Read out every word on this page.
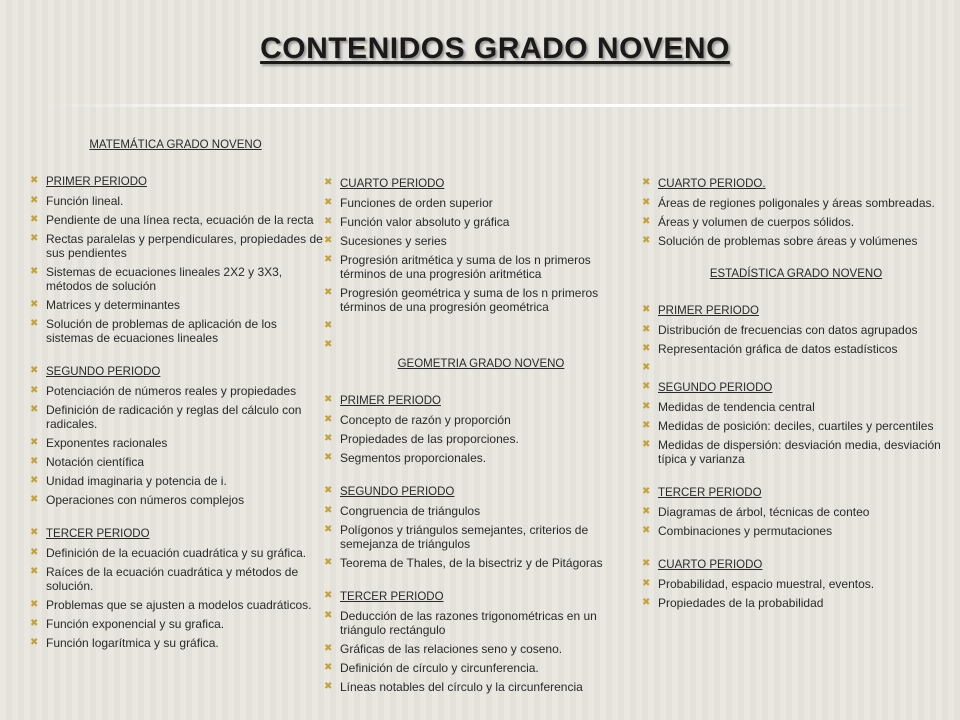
CONTENIDOS GRADO NOVENO
MATEMÁTICA GRADO NOVENO
✖ PRIMER PERIODO
✖ Función lineal.
✖ Pendiente de una línea recta, ecuación de la recta
✖ Rectas paralelas y perpendiculares, propiedades de sus pendientes
✖ Sistemas de ecuaciones lineales 2X2 y 3X3, métodos de solución
✖ Matrices y determinantes
✖ Solución de problemas de aplicación de los sistemas de ecuaciones lineales
✖ SEGUNDO PERIODO
✖ Potenciación de números reales y propiedades
✖ Definición de radicación y reglas del cálculo con radicales.
✖ Exponentes racionales
✖ Notación científica
✖ Unidad imaginaria y potencia de i.
✖ Operaciones con números complejos
✖ TERCER PERIODO
✖ Definición de la ecuación cuadrática y su gráfica.
✖ Raíces de la ecuación cuadrática y métodos de solución.
✖ Problemas que se ajusten a modelos cuadráticos.
✖ Función exponencial y su grafica.
✖ Función logarítmica y su gráfica.
✖ CUARTO PERIODO
✖ Funciones de orden superior
✖ Función valor absoluto y gráfica
✖ Sucesiones y series
✖ Progresión aritmética y suma de los n primeros términos de una progresión aritmética
✖ Progresión geométrica y suma de los n primeros términos de una progresión geométrica
✖
✖
GEOMETRIA GRADO NOVENO
✖ PRIMER PERIODO
✖ Concepto de razón y proporción
✖ Propiedades de las proporciones.
✖ Segmentos proporcionales.
✖ SEGUNDO PERIODO
✖ Congruencia de triángulos
✖ Polígonos y triángulos semejantes, criterios de semejanza de triángulos
✖ Teorema de Thales, de la bisectriz y de Pitágoras
✖ TERCER PERIODO
✖ Deducción de las razones trigonométricas en un triángulo rectángulo
✖ Gráficas de las relaciones seno y coseno.
✖ Definición de círculo y circunferencia.
✖ Líneas notables del círculo y la circunferencia
✖ CUARTO PERIODO.
✖ Áreas de regiones poligonales y áreas sombreadas.
✖ Áreas y volumen de cuerpos sólidos.
✖ Solución de problemas sobre áreas y volúmenes
ESTADÍSTICA GRADO NOVENO
✖ PRIMER PERIODO
✖ Distribución de frecuencias con datos agrupados
✖ Representación gráfica de datos estadísticos
✖
✖ SEGUNDO PERIODO
✖ Medidas de tendencia central
✖ Medidas de posición: deciles, cuartiles y percentiles
✖ Medidas de dispersión: desviación media, desviación típica y varianza
✖ TERCER PERIODO
✖ Diagramas de árbol, técnicas de conteo
✖ Combinaciones y permutaciones
✖ CUARTO PERIODO
✖ Probabilidad, espacio muestral, eventos.
✖ Propiedades de la probabilidad
